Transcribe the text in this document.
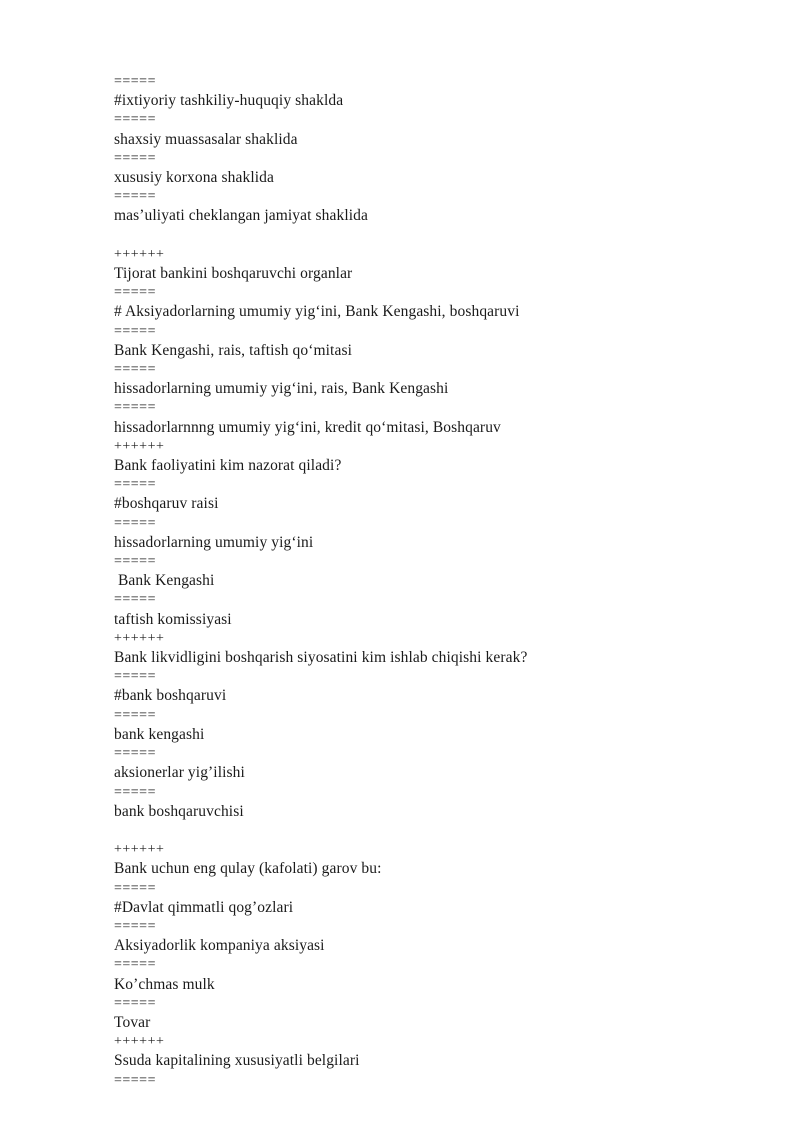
=====
#ixtiyoriy tashkiliy-huquqiy shaklda
=====
shaxsiy muassasalar shaklida
=====
xususiy korxona shaklida
=====
mas’uliyati cheklangan jamiyat shaklida
++++++
Tijorat bankini boshqaruvchi organlar
=====
# Aksiyadorlarning umumiy yig‘ini, Bank Kengashi, boshqaruvi
=====
Bank Kengashi, rais, taftish qo‘mitasi
=====
hissadorlarning umumiy yig‘ini, rais, Bank Kengashi
=====
hissadorlarnnng umumiy yig‘ini, kredit qo‘mitasi, Boshqaruv
++++++
Bank faoliyatini kim nazorat qiladi?
=====
#boshqaruv raisi
=====
hissadorlarning umumiy yig‘ini
=====
Bank Kengashi
=====
taftish komissiyasi
++++++
Bank likvidligini boshqarish siyosatini kim ishlab chiqishi kerak?
=====
#bank boshqaruvi
=====
bank kengashi
=====
aksionerlar yig’ilishi
=====
bank boshqaruvchisi
++++++
Bank uchun eng qulay (kafolati) garov bu:
=====
#Davlat qimmatli qog’ozlari
=====
Aksiyadorlik kompaniya aksiyasi
=====
Ko’chmas mulk
=====
Tovar
++++++
Ssuda kapitalining xususiyatli belgilari
=====
